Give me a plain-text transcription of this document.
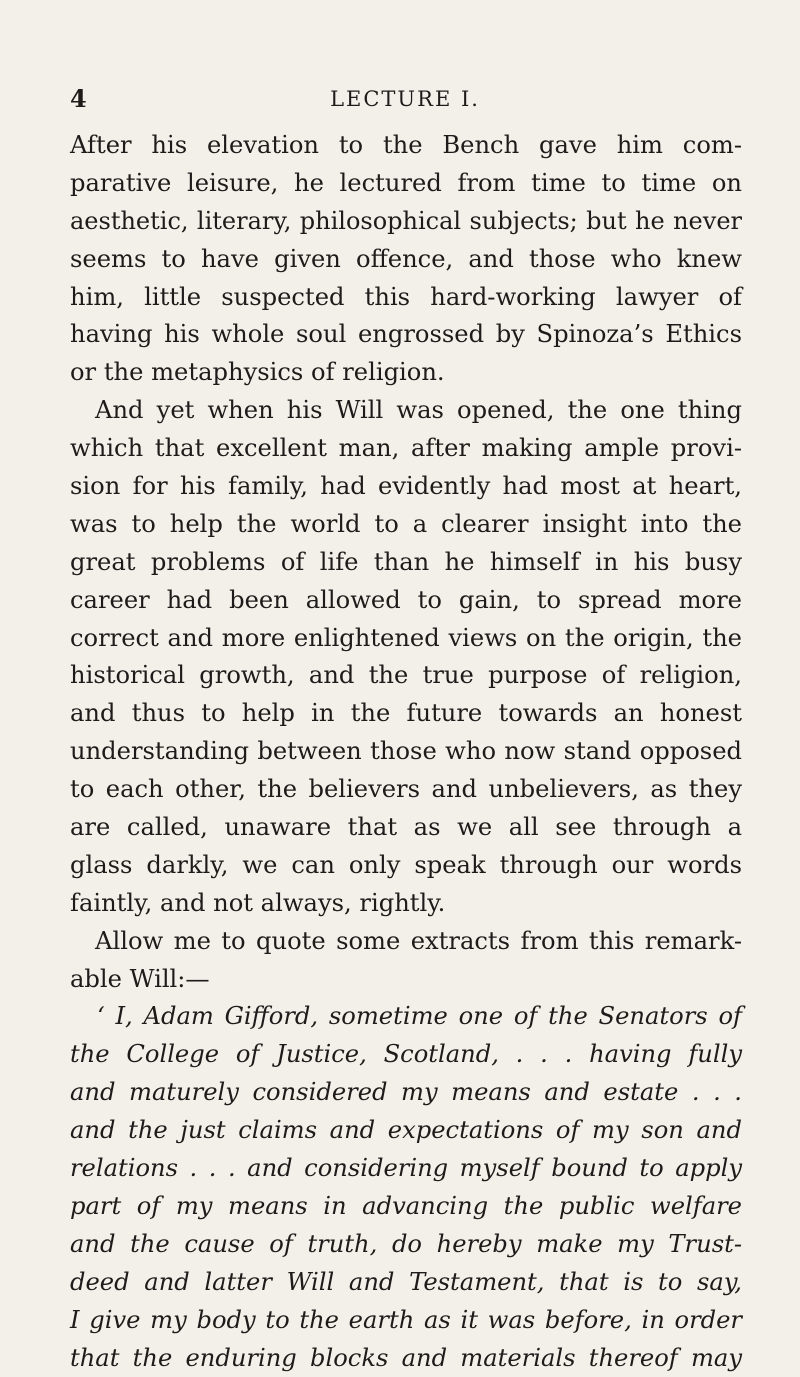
4	LECTURE I.
After his elevation to the Bench gave him com-
parative leisure, he lectured from time to time on
aesthetic, literary, philosophical subjects; but he never
seems to have given offence, and those who knew
him, little suspected this hard-working lawyer of
having his whole soul engrossed by Spinoza’s Ethics
or the metaphysics of religion.
And yet when his Will was opened, the one thing
which that excellent man, after making ample provi-
sion for his family, had evidently had most at heart,
was to help the world to a clearer insight into the
great problems of life than he himself in his busy
career had been allowed to gain, to spread more
correct and more enlightened views on the origin, the
historical growth, and the true purpose of religion,
and thus to help in the future towards an honest
understanding between those who now stand opposed
to each other, the believers and unbelievers, as they
are called, unaware that as we all see through a
glass darkly, we can only speak through our words
faintly, and not always, rightly.
Allow me to quote some extracts from this remark-
able Will:—
‘ I, Adam Gifford, sometime one of the Senators of
the College of Justice, Scotland, . . . having fully
and maturely considered my means and estate . . .
and the just claims and expectations of my son and
relations . . . and considering myself bound to apply
part of my means in advancing the public welfare
and the cause of truth, do hereby make my Trust-
deed and latter Will and Testament, that is to say,
I give my body to the earth as it was before, in order
that the enduring blocks and materials thereof may
